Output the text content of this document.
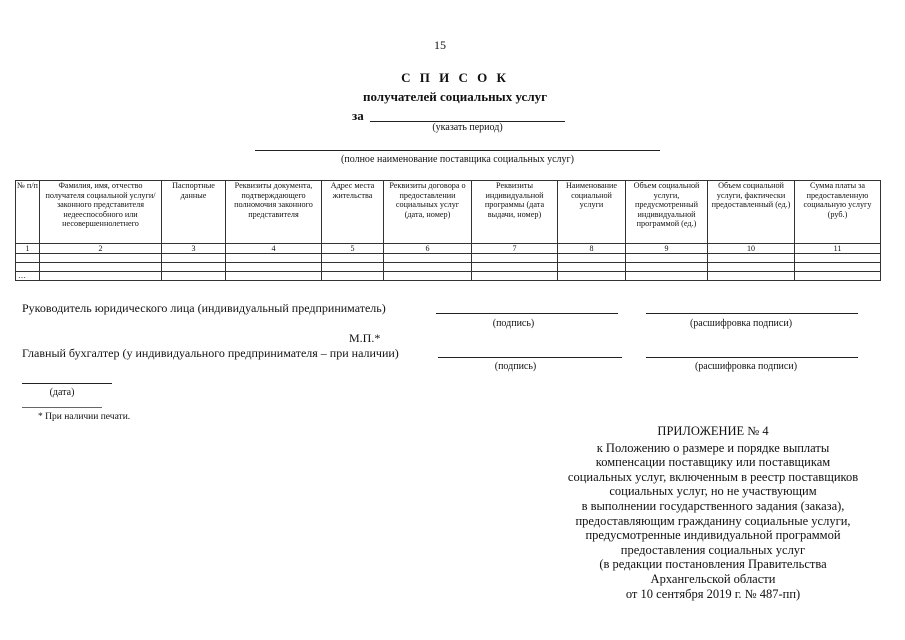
15
С П И С О К
получателей социальных услуг
за
(указать период)
(полное наименование поставщика социальных услуг)
№ п/п	Фамилия, имя, отчество получателя социальной услуги/законного представителя недееспособного или несовершеннолетнего	Паспортные данные	Реквизиты документа, подтверждающего полномочия законного представителя	Адрес места жительства	Реквизиты договора о предоставлении социальных услуг (дата, номер)	Реквизиты индивидуальной программы (дата выдачи, номер)	Наименование социальной услуги	Объем социальной услуги, предусмотренный индивидуальной программой (ед.)	Объем социальной услуги, фактически предоставленный (ед.)	Сумма платы за предоставленную социальную услугу (руб.)
1	2	3	4	5	6	7	8	9	10	11

…										
Руководитель юридического лица (индивидуальный предприниматель)
(подпись)	(расшифровка подписи)
М.П.*
Главный бухгалтер (у индивидуального предпринимателя – при наличии)
(подпись)	(расшифровка подписи)
(дата)
* При наличии печати.
ПРИЛОЖЕНИЕ № 4
к Положению о размере и порядке выплаты
компенсации поставщику или поставщикам
социальных услуг, включенным в реестр поставщиков
социальных услуг, но не участвующим
в выполнении государственного задания (заказа),
предоставляющим гражданину социальные услуги,
предусмотренные индивидуальной программой
предоставления социальных услуг
(в редакции постановления Правительства
Архангельской области
от 10 сентября 2019 г. № 487-пп)
